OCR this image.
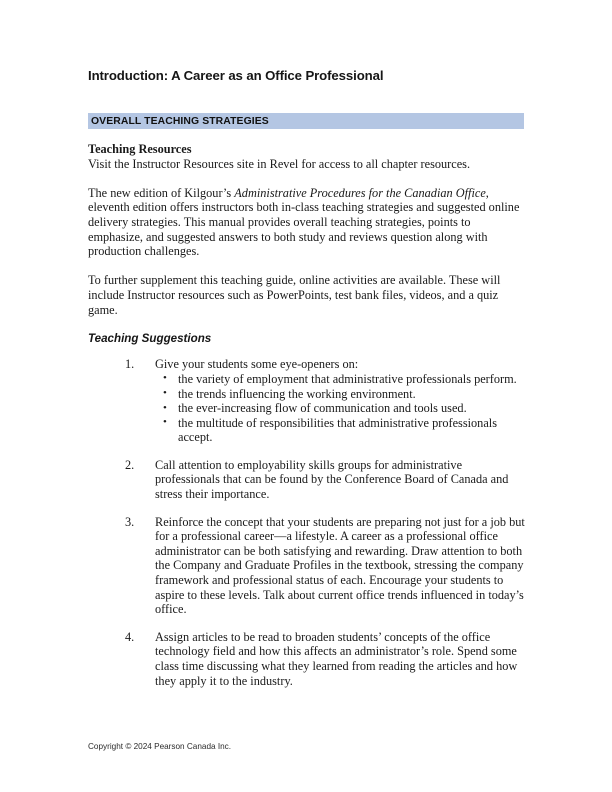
Introduction: A Career as an Office Professional
OVERALL TEACHING STRATEGIES
Teaching Resources
Visit the Instructor Resources site in Revel for access to all chapter resources.
The new edition of Kilgour’s Administrative Procedures for the Canadian Office, eleventh edition offers instructors both in-class teaching strategies and suggested online delivery strategies. This manual provides overall teaching strategies, points to emphasize, and suggested answers to both study and reviews question along with production challenges.
To further supplement this teaching guide, online activities are available. These will include Instructor resources such as PowerPoints, test bank files, videos, and a quiz game.
Teaching Suggestions
1.	Give your students some eye-openers on:
• the variety of employment that administrative professionals perform.
• the trends influencing the working environment.
• the ever-increasing flow of communication and tools used.
• the multitude of responsibilities that administrative professionals accept.
2.	Call attention to employability skills groups for administrative professionals that can be found by the Conference Board of Canada and stress their importance.
3.	Reinforce the concept that your students are preparing not just for a job but for a professional career—a lifestyle. A career as a professional office administrator can be both satisfying and rewarding. Draw attention to both the Company and Graduate Profiles in the textbook, stressing the company framework and professional status of each. Encourage your students to aspire to these levels. Talk about current office trends influenced in today’s office.
4.	Assign articles to be read to broaden students’ concepts of the office technology field and how this affects an administrator’s role. Spend some class time discussing what they learned from reading the articles and how they apply it to the industry.
Copyright © 2024 Pearson Canada Inc.
